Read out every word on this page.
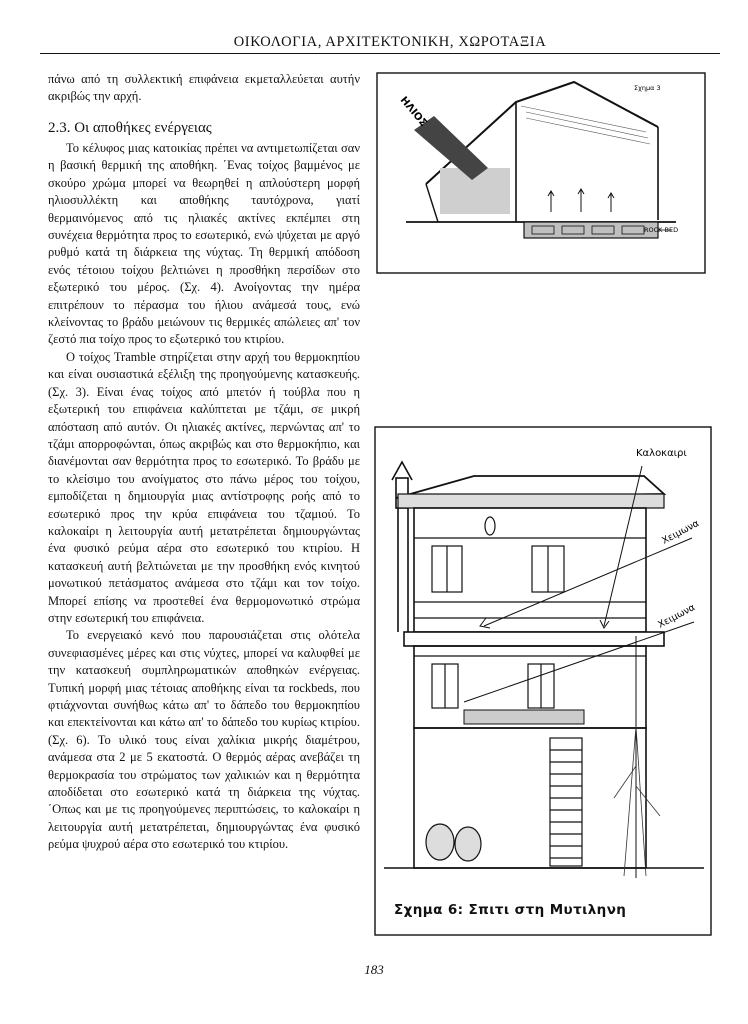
ΟΙΚΟΛΟΓΙΑ, ΑΡΧΙΤΕΚΤΟΝΙΚΗ, ΧΩΡΟΤΑΞΙΑ

πάνω από τη συλλεκτική επιφάνεια εκμεταλλεύεται αυτήν ακριβώς την αρχή.

2.3. Οι αποθήκες ενέργειας

Το κέλυφος μιας κατοικίας πρέπει να αντιμετωπίζεται σαν η βασική θερμική της αποθήκη. ΄Ενας τοίχος βαμμένος με σκούρο χρώμα μπορεί να θεωρηθεί η απλούστερη μορφή ηλιοσυλλέκτη και αποθήκης ταυτόχρονα, γιατί θερμαινόμενος από τις ηλιακές ακτίνες εκπέμπει στη συνέχεια θερμότητα προς το εσωτερικό, ενώ ψύχεται με αργό ρυθμό κατά τη διάρκεια της νύχτας. Τη θερμική απόδοση ενός τέτοιου τοίχου βελτιώνει η προσθήκη περσίδων στο εξωτερικό του μέρος. (Σχ. 4). Ανοίγοντας την ημέρα επιτρέπουν το πέρασμα του ήλιου ανάμεσά τους, ενώ κλείνοντας το βράδυ μειώνουν τις θερμικές απώλειες απ' τον ζεστό πια τοίχο προς το εξωτερικό του κτιρίου.

Ο τοίχος Tramble στηρίζεται στην αρχή του θερμοκηπίου και είναι ουσιαστικά εξέλιξη της προηγούμενης κατασκευής. (Σχ. 3). Είναι ένας τοίχος από μπετόν ή τούβλα που η εξωτερική του επιφάνεια καλύπτεται με τζάμι, σε μικρή απόσταση από αυτόν. Οι ηλιακές ακτίνες, περνώντας απ' το τζάμι απορροφώνται, όπως ακριβώς και στο θερμοκήπιο, και διανέμονται σαν θερμότητα προς το εσωτερικό. Το βράδυ με το κλείσιμο του ανοίγματος στο πάνω μέρος του τοίχου, εμποδίζεται η δημιουργία μιας αντίστροφης ροής από το εσωτερικό προς την κρύα επιφάνεια του τζαμιού. Το καλοκαίρι η λειτουργία αυτή μετατρέπεται δημιουργώντας ένα φυσικό ρεύμα αέρα στο εσωτερικό του κτιρίου. Η κατασκευή αυτή βελτιώνεται με την προσθήκη ενός κινητού μονωτικού πετάσματος ανάμεσα στο τζάμι και τον τοίχο. Μπορεί επίσης να προστεθεί ένα θερμομονωτικό στρώμα στην εσωτερική του επιφάνεια.

Το ενεργειακό κενό που παρουσιάζεται στις ολότελα συνεφιασμένες μέρες και στις νύχτες, μπορεί να καλυφθεί με την κατασκευή συμπληρωματικών αποθηκών ενέργειας. Τυπική μορφή μιας τέτοιας αποθήκης είναι τα rockbeds, που φτιάχνονται συνήθως κάτω απ' το δάπεδο του θερμοκηπίου και επεκτείνονται και κάτω απ' το δάπεδο του κυρίως κτιρίου. (Σχ. 6). Το υλικό τους είναι χαλίκια μικρής διαμέτρου, ανάμεσα στα 2 με 5 εκατοστά. Ο θερμός αέρας ανεβάζει τη θερμοκρασία του στρώματος των χαλικιών και η θερμότητα αποδίδεται στο εσωτερικό κατά τη διάρκεια της νύχτας. ΄Οπως και με τις προηγούμενες περιπτώσεις, το καλοκαίρι η λειτουργία αυτή μετατρέπεται, δημιουργώντας ένα φυσικό ρεύμα ψυχρού αέρα στο εσωτερικό του κτιρίου.

ΗΛΙΟΣ
Σχημα 3
ROCK BED
Καλοκαιρι
Χειμωνα
Χειμωνα
Σχημα 6: Σπιτι στη Μυτιληνη
183
